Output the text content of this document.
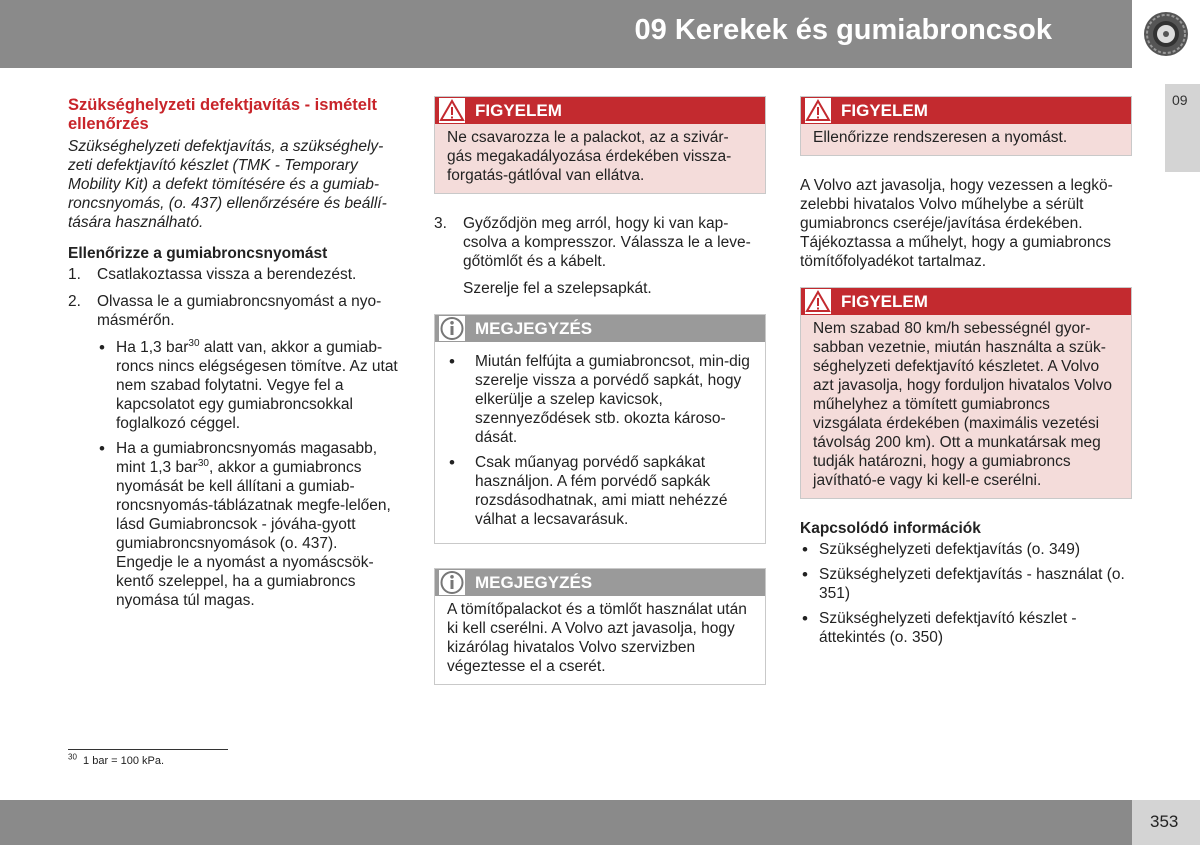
09 Kerekek és gumiabroncsok
09
Szükséghelyzeti defektjavítás - ismételt ellenőrzés

Szükséghelyzeti defektjavítás, a szükséghely-zeti defektjavító készlet (TMK - Temporary Mobility Kit) a defekt tömítésére és a gumiab-roncsnyomás, (o. 437) ellenőrzésére és beállí-tására használható.

Ellenőrizze a gumiabroncsnyomást
1. Csatlakoztassa vissza a berendezést.
2. Olvassa le a gumiabroncsnyomást a nyo-másmérőn.
• Ha 1,3 bar$^{30}$ alatt van, akkor a gumiab-roncs nincs elégségesen tömítve. Az utat nem szabad folytatni. Vegye fel a kapcsolatot egy gumiabroncsokkal foglalkozó céggel.
• Ha a gumiabroncsnyomás magasabb, mint 1,3 bar$^{30}$, akkor a gumiabroncs nyomását be kell állítani a gumiab-roncsnyomás-táblázatnak megfe-lelően, lásd Gumiabroncsok - jóváha-gyott gumiabroncsnyomások (o. 437). Engedje le a nyomást a nyomáscsök-kentő szeleppel, ha a gumiabroncs nyomása túl magas.
FIGYELEM

Ne csavarozza le a palackot, az a szivár-gás megakadályozása érdekében vissza-forgatás-gátlóval van ellátva.

3. Győződjön meg arról, hogy ki van kap-csolva a kompresszor. Válassza le a leve-gőtömlőt és a kábelt.

Szerelje fel a szelepsapkát.

MEGJEGYZÉS
• Miután felfújta a gumiabroncsot, min-dig szerelje vissza a porvédő sapkát, hogy elkerülje a szelep kavicsok, szennyeződések stb. okozta károso-dását.
• Csak műanyag porvédő sapkákat használjon. A fém porvédő sapkák rozsdásodhatnak, ami miatt nehézzé válhat a lecsavarásuk.
MEGJEGYZÉS

A tömítőpalackot és a tömlőt használat után ki kell cserélni. A Volvo azt javasolja, hogy kizárólag hivatalos Volvo szervizben végeztesse el a cserét.

FIGYELEM

Ellenőrizze rendszeresen a nyomást.

A Volvo azt javasolja, hogy vezessen a legkö-zelebbi hivatalos Volvo műhelybe a sérült gumiabroncs cseréje/javítása érdekében. Tájékoztassa a műhelyt, hogy a gumiabroncs tömítőfolyadékot tartalmaz.

FIGYELEM

Nem szabad 80 km/h sebességnél gyor-sabban vezetnie, miután használta a szük-séghelyzeti defektjavító készletet. A Volvo azt javasolja, hogy forduljon hivatalos Volvo műhelyhez a tömített gumiabroncs vizsgálata érdekében (maximális vezetési távolság 200 km). Ott a munkatársak meg tudják határozni, hogy a gumiabroncs javítható-e vagy ki kell-e cserélni.

Kapcsolódó információk
• Szükséghelyzeti defektjavítás (o. 349)
• Szükséghelyzeti defektjavítás - használat (o. 351)
• Szükséghelyzeti defektjavító készlet - áttekintés (o. 350)
$^{30}$ 1 bar = 100 kPa.
353
